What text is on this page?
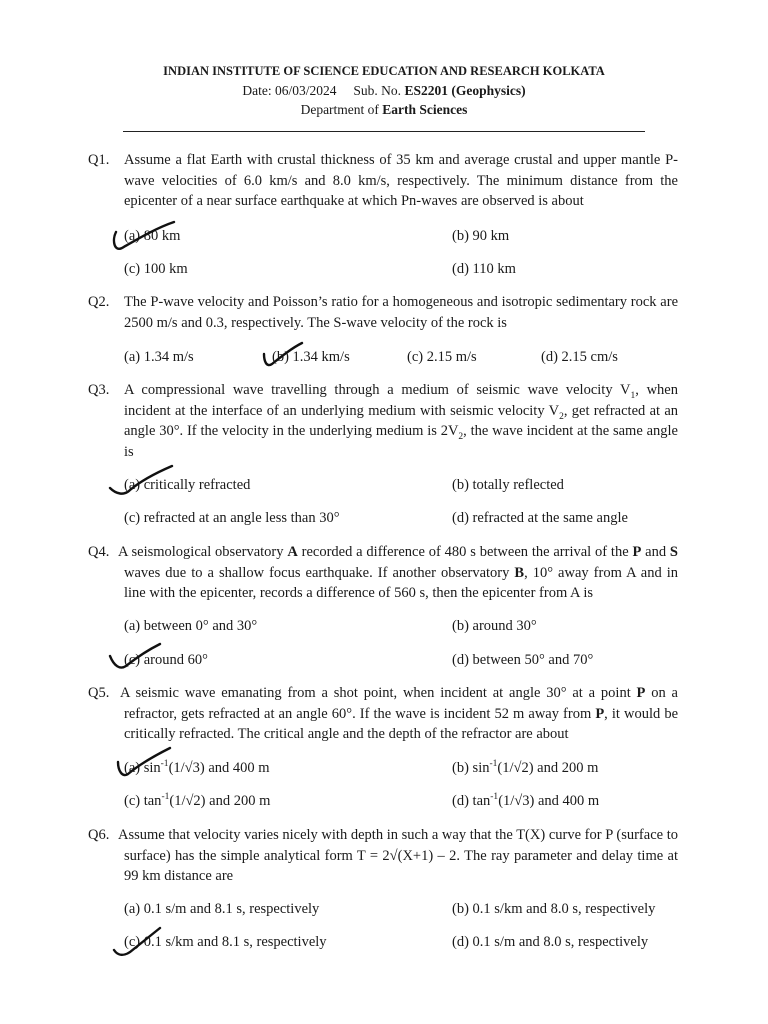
INDIAN INSTITUTE OF SCIENCE EDUCATION AND RESEARCH KOLKATA
Date: 06/03/2024 Sub. No. ES2201 (Geophysics)
Department of Earth Sciences
Q1. Assume a flat Earth with crustal thickness of 35 km and average crustal and upper mantle P-wave velocities of 6.0 km/s and 8.0 km/s, respectively. The minimum distance from the epicenter of a near surface earthquake at which Pn-waves are observed is about
(a) 80 km	(b) 90 km
(c) 100 km	(d) 110 km
Q2. The P-wave velocity and Poisson’s ratio for a homogeneous and isotropic sedimentary rock are 2500 m/s and 0.3, respectively. The S-wave velocity of the rock is
(a) 1.34 m/s	(b) 1.34 km/s	(c) 2.15 m/s	(d) 2.15 cm/s
Q3. A compressional wave travelling through a medium of seismic wave velocity $V_1$, when incident at the interface of an underlying medium with seismic velocity $V_2$, get refracted at an angle 30°. If the velocity in the underlying medium is $2V_2$, the wave incident at the same angle is
(a) critically refracted	(b) totally reflected
(c) refracted at an angle less than 30°	(d) refracted at the same angle
Q4. A seismological observatory A recorded a difference of 480 s between the arrival of the P and S waves due to a shallow focus earthquake. If another observatory B, 10° away from A and in line with the epicenter, records a difference of 560 s, then the epicenter from A is
(a) between 0° and 30°	(b) around 30°
(c) around 60°	(d) between 50° and 70°
Q5. A seismic wave emanating from a shot point, when incident at angle 30° at a point P on a refractor, gets refracted at an angle 60°. If the wave is incident 52 m away from P, it would be critically refracted. The critical angle and the depth of the refractor are about
(a) $\sin^{-1}(1/√3)$ and 400 m	(b) $\sin^{-1}(1/√2)$ and 200 m
(c) $\tan^{-1}(1/√2)$ and 200 m	(d) $\tan^{-1}(1/√3)$ and 400 m
Q6. Assume that velocity varies nicely with depth in such a way that the T(X) curve for P (surface to surface) has the simple analytical form T = 2√(X+1) – 2. The ray parameter and delay time at 99 km distance are
(a) 0.1 s/m and 8.1 s, respectively	(b) 0.1 s/km and 8.0 s, respectively
(c) 0.1 s/km and 8.1 s, respectively	(d) 0.1 s/m and 8.0 s, respectively
